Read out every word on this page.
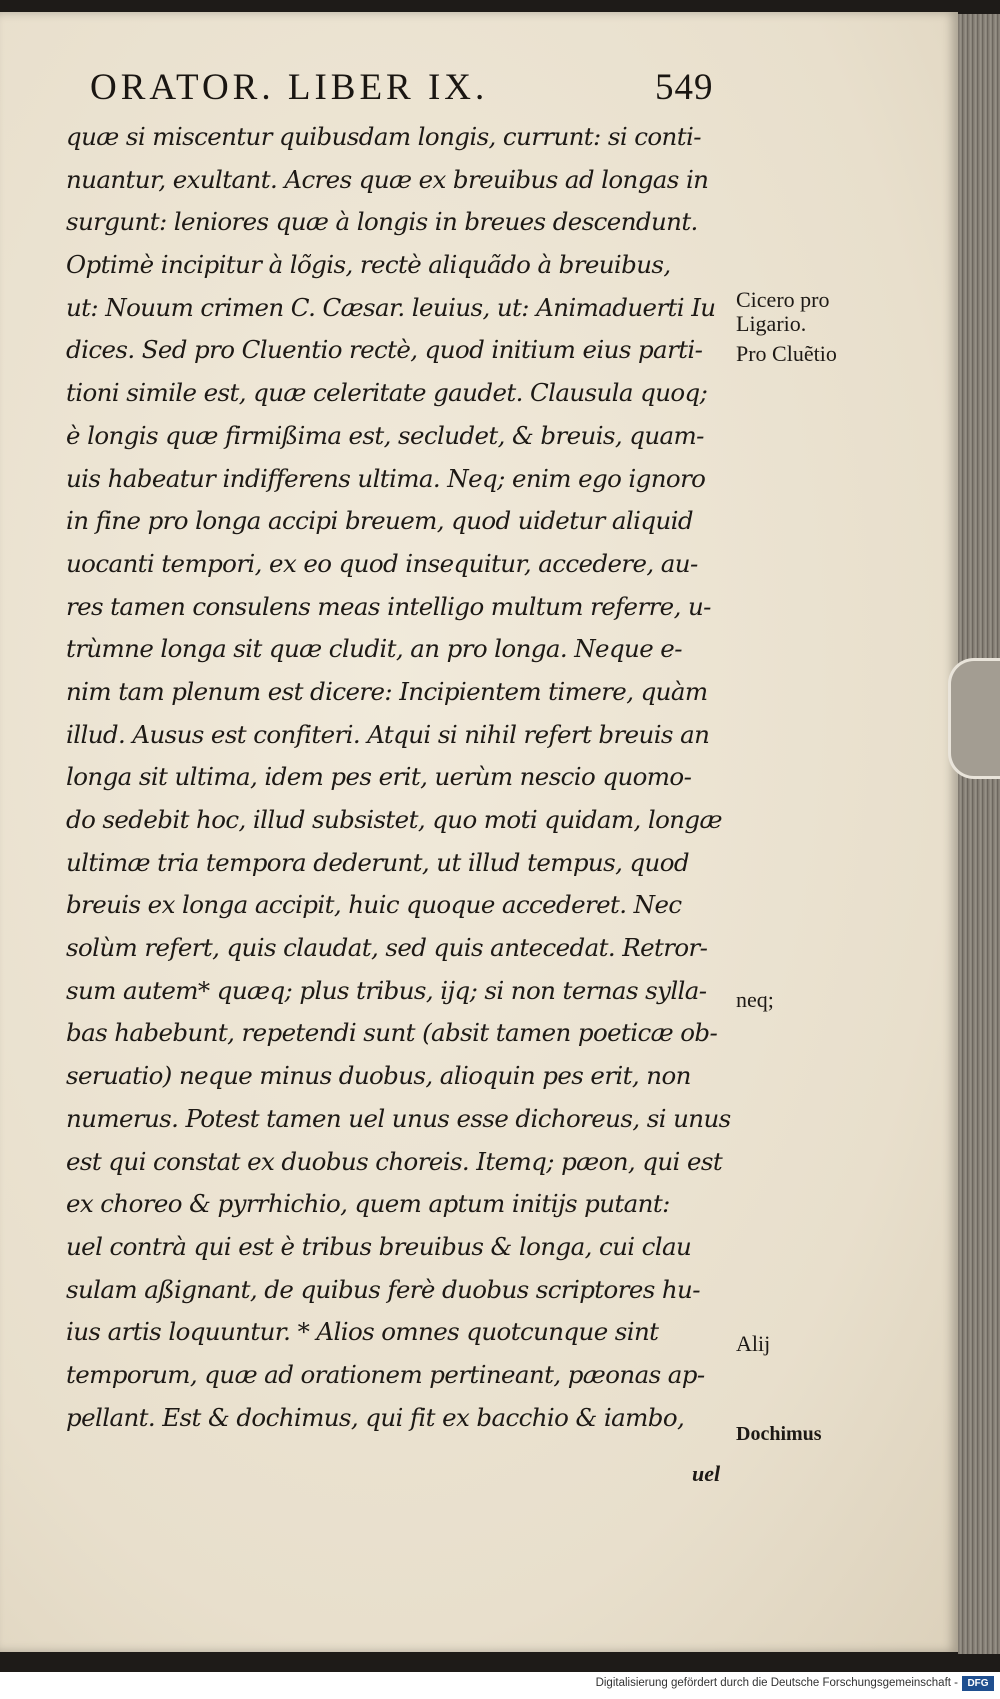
ORATOR. LIBER IX.	549
quæ si miscentur quibusdam longis, currunt: si conti-
nuantur, exultant. Acres quæ ex breuibus ad longas in
surgunt: leniores quæ à longis in breues descendunt.
Optimè incipitur à lõgis, rectè aliquãdo à breuibus,
ut: Nouum crimen C. Cæsar. leuius, ut: Animaduerti Iu
dices. Sed pro Cluentio rectè, quod initium eius parti-
tioni simile est, quæ celeritate gaudet. Clausula quoq;
è longis quæ firmißima est, secludet, & breuis, quam-
uis habeatur indifferens ultima. Neq; enim ego ignoro
in fine pro longa accipi breuem, quod uidetur aliquid
uocanti tempori, ex eo quod insequitur, accedere, au-
res tamen consulens meas intelligo multum referre, u-
trùmne longa sit quæ cludit, an pro longa. Neque e-
nim tam plenum est dicere: Incipientem timere, quàm
illud. Ausus est confiteri. Atqui si nihil refert breuis an
longa sit ultima, idem pes erit, uerùm nescio quomo-
do sedebit hoc, illud subsistet, quo moti quidam, longæ
ultimæ tria tempora dederunt, ut illud tempus, quod
breuis ex longa accipit, huic quoque accederet. Nec
solùm refert, quis claudat, sed quis antecedat. Retror-
sum autem* quæq; plus tribus, ijq; si non ternas sylla-
bas habebunt, repetendi sunt (absit tamen poeticæ ob-
seruatio) neque minus duobus, alioquin pes erit, non
numerus. Potest tamen uel unus esse dichoreus, si unus
est qui constat ex duobus choreis. Itemq; pæon, qui est
ex choreo & pyrrhichio, quem aptum initijs putant:
uel contrà qui est è tribus breuibus & longa, cui clau
sulam aßignant, de quibus ferè duobus scriptores hu-
ius artis loquuntur. * Alios omnes quotcunque sint
temporum, quæ ad orationem pertineant, pæonas ap-
pellant. Est & dochimus, qui fit ex bacchio & iambo,
Cicero pro
Ligario.
Pro Cluẽtio
neq;
Alij
Dochimus
uel
Digitalisierung gefördert durch die Deutsche Forschungsgemeinschaft - DFG
